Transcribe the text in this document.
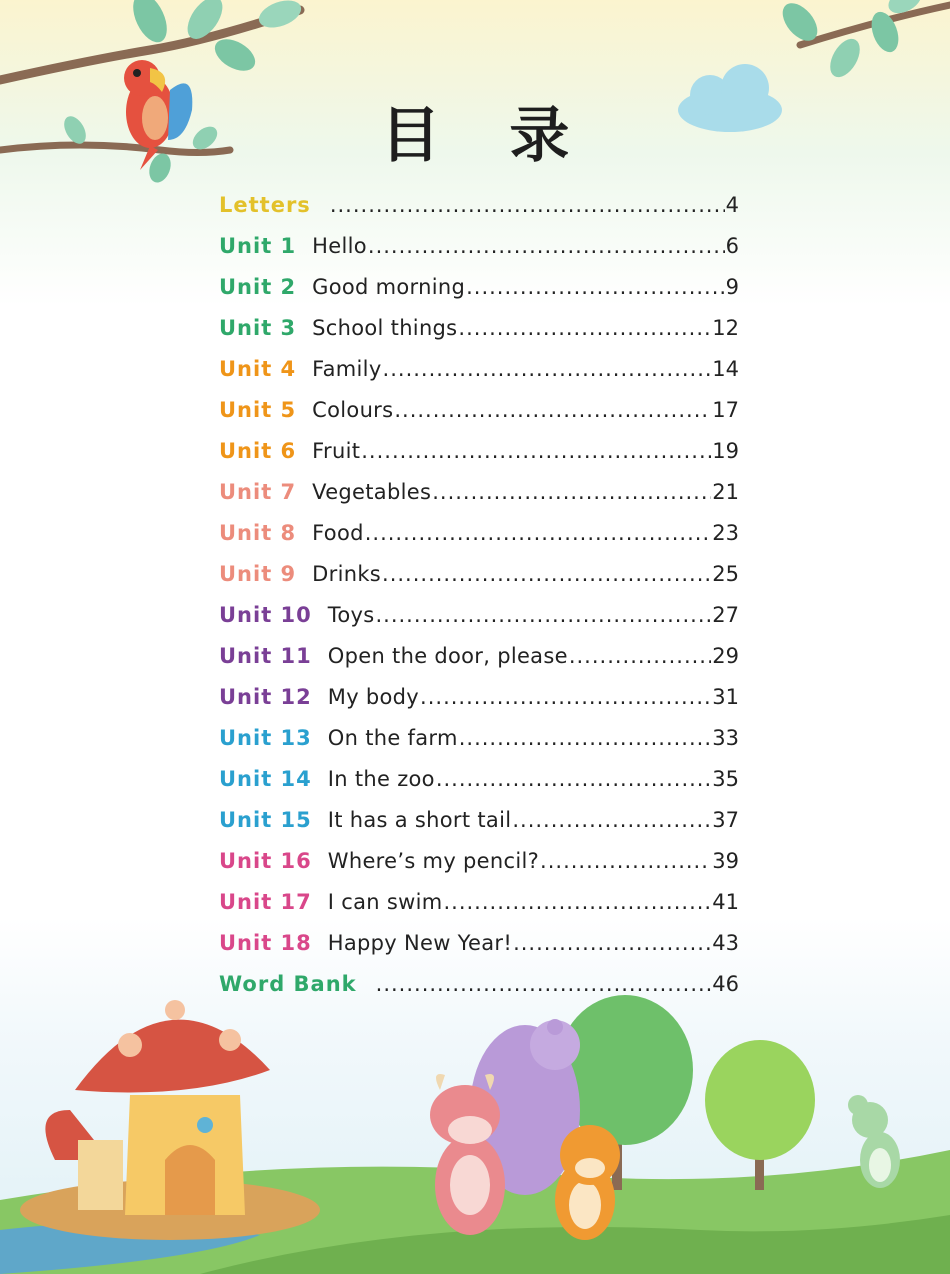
目 录
Letters .....	4
Unit 1 Hello .....	6
Unit 2 Good morning .....	9
Unit 3 School things .....	12
Unit 4 Family .....	14
Unit 5 Colours .....	17
Unit 6 Fruit .....	19
Unit 7 Vegetables .....	21
Unit 8 Food .....	23
Unit 9 Drinks .....	25
Unit 10 Toys .....	27
Unit 11 Open the door, please .....	29
Unit 12 My body .....	31
Unit 13 On the farm .....	33
Unit 14 In the zoo .....	35
Unit 15 It has a short tail .....	37
Unit 16 Where’s my pencil? .....	39
Unit 17 I can swim .....	41
Unit 18 Happy New Year! .....	43
Word Bank .....	46
